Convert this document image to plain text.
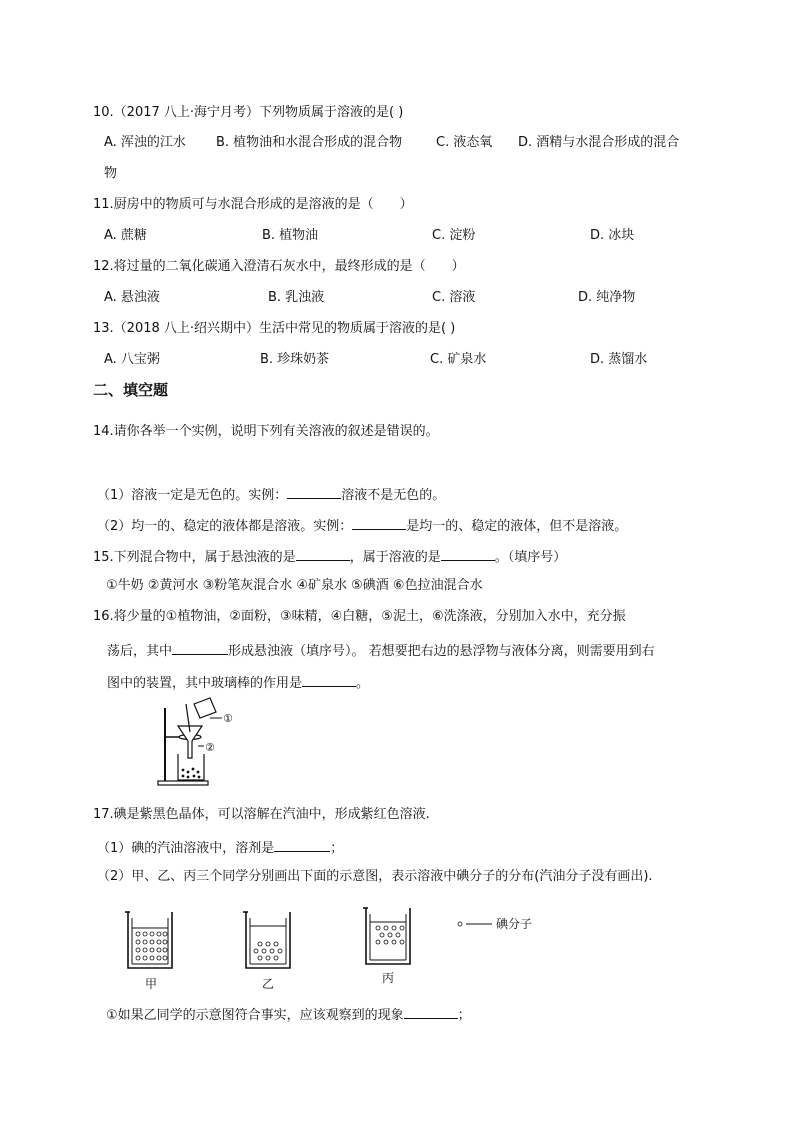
10.（2017 八上·海宁月考）下列物质属于溶液的是( )
A. 浑浊的江水 B. 植物油和水混合形成的混合物	C. 液态氧 D. 酒精与水混合形成的混合
物
11.厨房中的物质可与水混合形成的是溶液的是（　　）
A. 蔗糖	B. 植物油	C. 淀粉	D. 冰块
12.将过量的二氧化碳通入澄清石灰水中，最终形成的是（　　）
A. 悬浊液	B. 乳浊液	C. 溶液	D. 纯净物
13.（2018 八上·绍兴期中）生活中常见的物质属于溶液的是( )
A. 八宝粥	B. 珍珠奶茶	C. 矿泉水	D. 蒸馏水
二、填空题
14.请你各举一个实例，说明下列有关溶液的叙述是错误的。
（1）溶液一定是无色的。实例：	溶液不是无色的。
（2）均一的、稳定的液体都是溶液。实例：	是均一的、稳定的液体，但不是溶液。
15.下列混合物中，属于悬浊液的是	，属于溶液的是	。（填序号）
①牛奶 ②黄河水 ③粉笔灰混合水 ④矿泉水 ⑤碘酒 ⑥色拉油混合水
16.将少量的①植物油，②面粉，③味精，④白糖，⑤泥土，⑥洗涤液，分别加入水中，充分振
荡后，其中	形成悬浊液（填序号）。 若想要把右边的悬浮物与液体分离，则需要用到右
图中的装置，其中玻璃棒的作用是	。
①
②
17.碘是紫黑色晶体，可以溶解在汽油中，形成紫红色溶液.
（1）碘的汽油溶液中，溶剂是	；
（2）甲、乙、丙三个同学分别画出下面的示意图，表示溶液中碘分子的分布(汽油分子没有画出).
甲	乙	丙
碘分子
①如果乙同学的示意图符合事实，应该观察到的现象	；
